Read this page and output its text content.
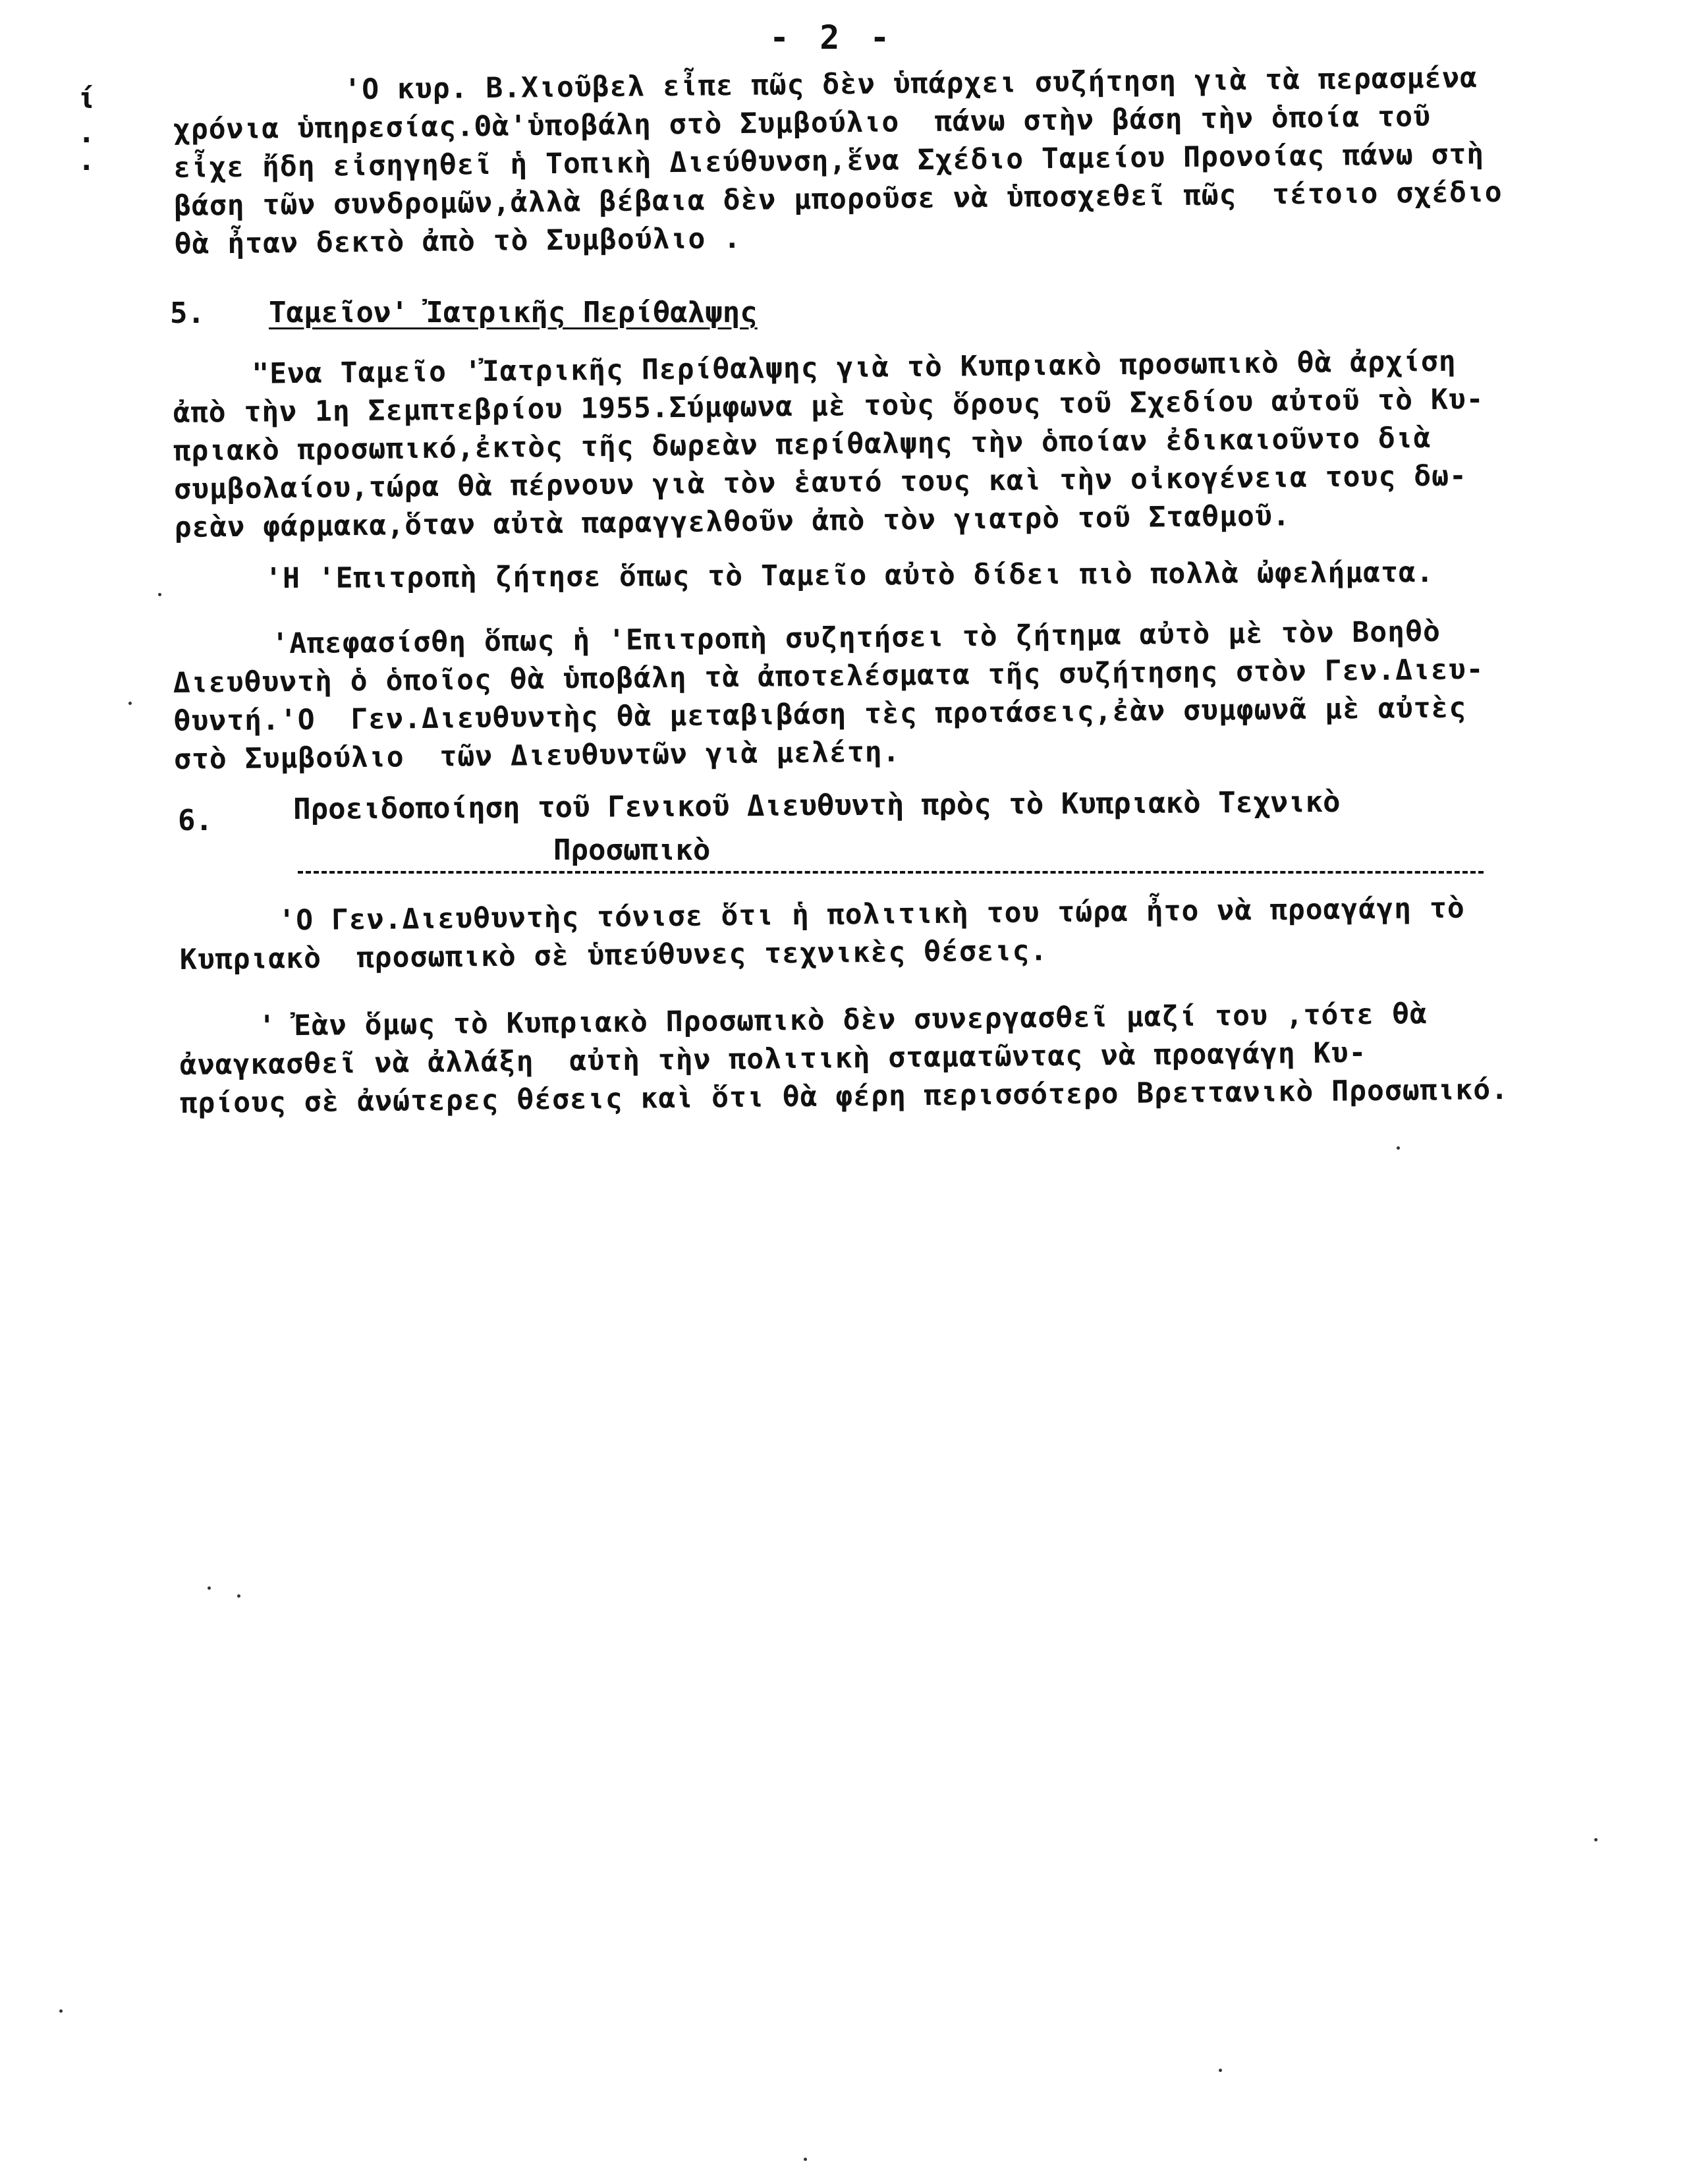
- 2 -
ί
.
.
'Ο κυρ. Β.Χιοῦβελ εἶπε πῶς δὲν ὑπάρχει συζήτηση γιὰ τὰ περασμένα
χρόνια ὑπηρεσίας.Θὰ'ὑποβάλη στὸ Συμβούλιο  πάνω στὴν βάση τὴν ὁποία τοῦ
εἶχε ἤδη εἰσηγηθεῖ ἡ Τοπικὴ Διεύθυνση,ἕνα Σχέδιο Ταμείου Προνοίας πάνω στὴ
βάση τῶν συνδρομῶν,ἀλλὰ βέβαια δὲν μποροῦσε νὰ ὑποσχεθεῖ πῶς  τέτοιο σχέδιο
θὰ ἦταν δεκτὸ ἀπὸ τὸ Συμβούλιο .
5. Ταμεῖον' Ἰατρικῆς Περίθαλψης
"Ενα Ταμεῖο 'Ἰατρικῆς Περίθαλψης γιὰ τὸ Κυπριακὸ προσωπικὸ θὰ ἀρχίση
ἀπὸ τὴν 1η Σεμπτεβρίου 1955.Σύμφωνα μὲ τοὺς ὅρους τοῦ Σχεδίου αὐτοῦ τὸ Κυ-
πριακὸ προσωπικό,ἐκτὸς τῆς δωρεὰν περίθαλψης τὴν ὁποίαν ἐδικαιοῦντο διὰ
συμβολαίου,τώρα θὰ πέρνουν γιὰ τὸν ἑαυτό τους καὶ τὴν οἰκογένεια τους δω-
ρεὰν φάρμακα,ὅταν αὐτὰ παραγγελθοῦν ἀπὸ τὸν γιατρὸ τοῦ Σταθμοῦ.
'Η 'Επιτροπὴ ζήτησε ὅπως τὸ Ταμεῖο αὐτὸ δίδει πιὸ πολλὰ ὠφελήματα.
'Απεφασίσθη ὅπως ἡ 'Επιτροπὴ συζητήσει τὸ ζήτημα αὐτὸ μὲ τὸν Βοηθὸ
Διευθυντὴ ὁ ὁποῖος θὰ ὑποβάλη τὰ ἀποτελέσματα τῆς συζήτησης στὸν Γεν.Διευ-
θυντή.'Ο  Γεν.Διευθυντὴς θὰ μεταβιβάση τὲς προτάσεις,ἐὰν συμφωνᾶ μὲ αὐτὲς
στὸ Συμβούλιο  τῶν Διευθυντῶν γιὰ μελέτη.
6.	Προειδοποίηση τοῦ Γενικοῦ Διευθυντὴ πρὸς τὸ Κυπριακὸ Τεχνικὸ
Προσωπικὸ
'Ο Γεν.Διευθυντὴς τόνισε ὅτι ἡ πολιτικὴ του τώρα ἦτο νὰ προαγάγη τὸ
Κυπριακὸ  προσωπικὸ σὲ ὑπεύθυνες τεχνικὲς θέσεις.
' Ἐὰν ὅμως τὸ Κυπριακὸ Προσωπικὸ δὲν συνεργασθεῖ μαζί του ,τότε θὰ
ἀναγκασθεῖ νὰ ἀλλάξη  αὐτὴ τὴν πολιτικὴ σταματῶντας νὰ προαγάγη Κυ-
πρίους σὲ ἀνώτερες θέσεις καὶ ὅτι θὰ φέρη περισσότερο Βρεττανικὸ Προσωπικό.
